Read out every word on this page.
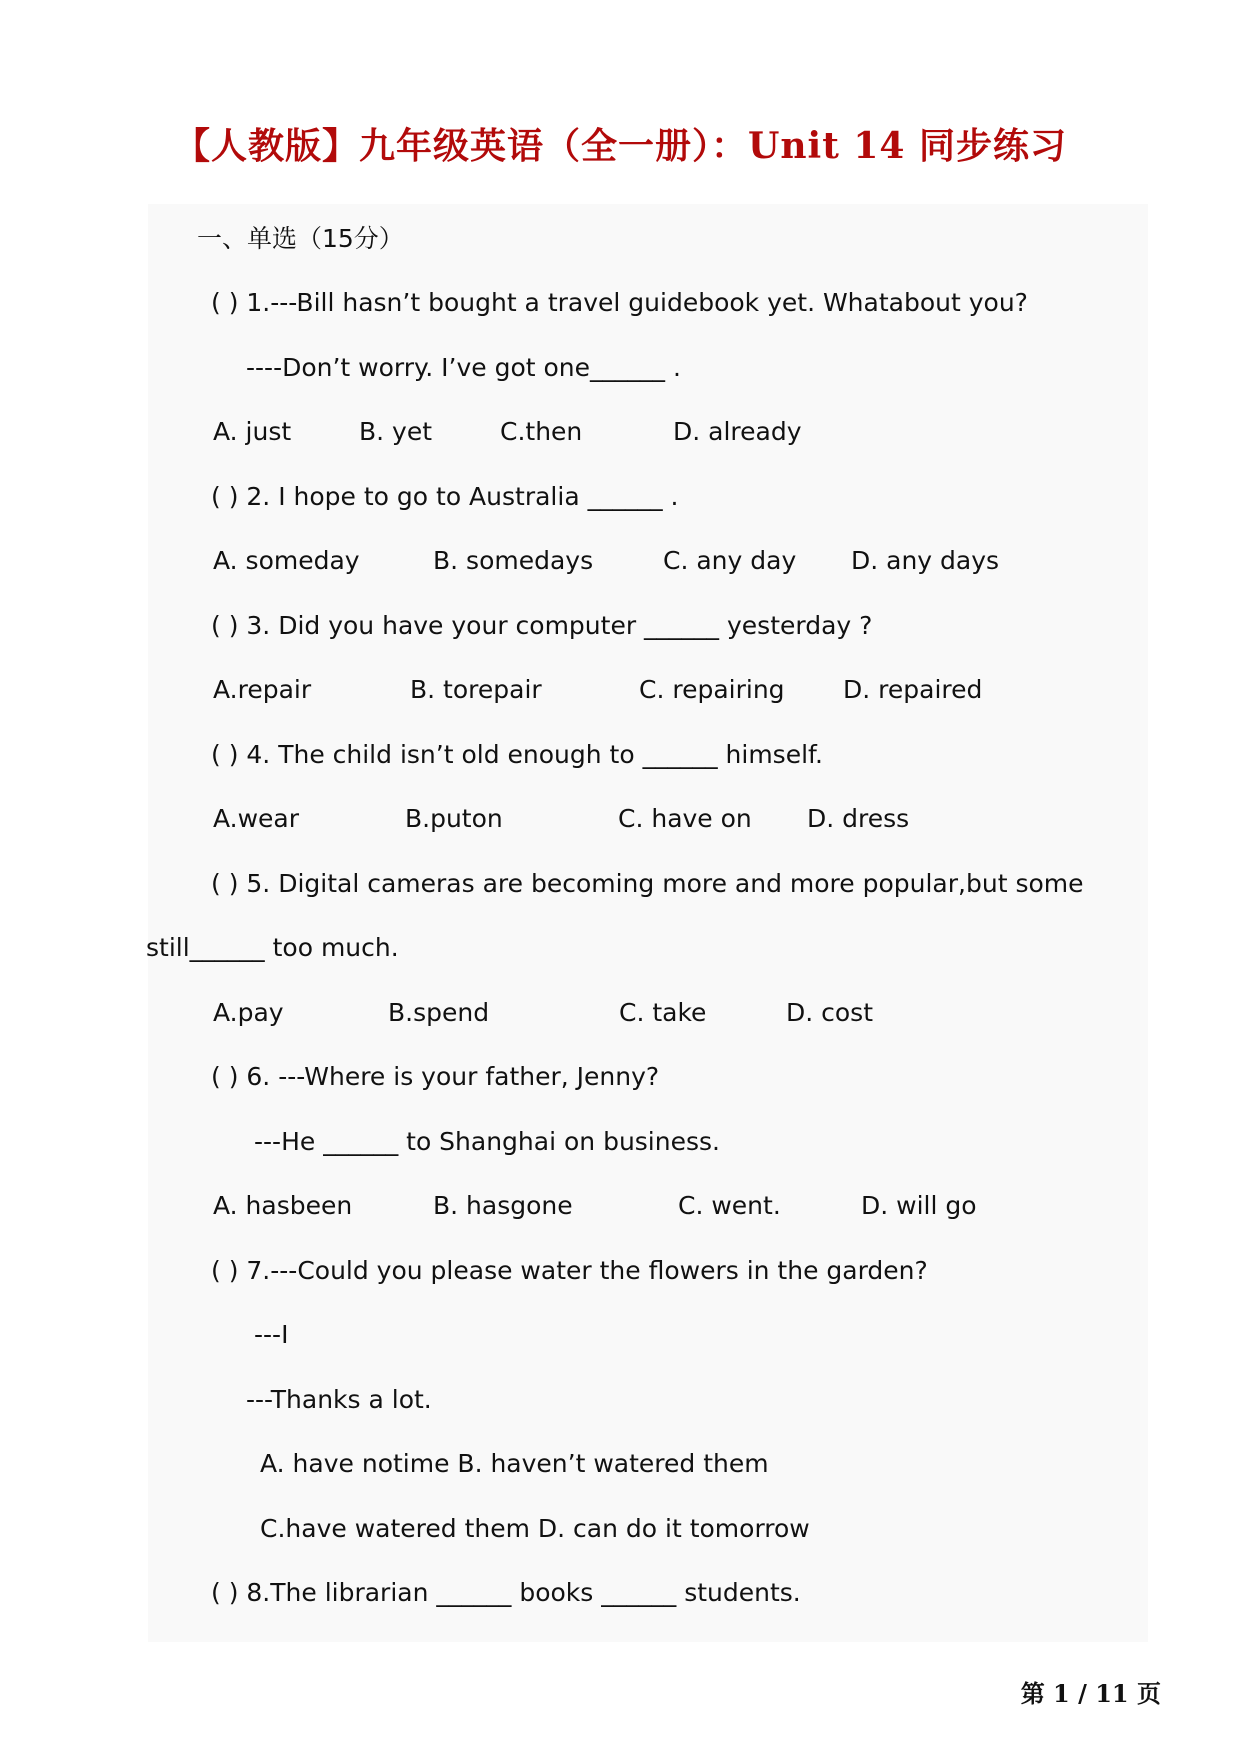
【人教版】九年级英语（全一册）：Unit 14 同步练习
一、单选（15分）
( ) 1.---Bill hasn’t bought a travel guidebook yet. Whatabout you?
----Don’t worry. I’ve got one______ .
A. just	B. yet	C.then	D. already
( ) 2. I hope to go to Australia ______ .
A. someday	B. somedays	C. any day D. any days
( ) 3. Did you have your computer ______ yesterday ?
A.repair	B. torepair	C. repairing D. repaired
( ) 4. The child isn’t old enough to ______ himself.
A.wear	B.puton	C. have on D. dress
( ) 5. Digital cameras are becoming more and more popular,but some
still______ too much.
A.pay	B.spend	C. take	D. cost
( ) 6. ---Where is your father, Jenny?
---He ______ to Shanghai on business.
A. hasbeen	B. hasgone	C. went.	D. will go
( ) 7.---Could you please water the flowers in the garden?
---I
---Thanks a lot.
A. have notime B. haven’t watered them
C.have watered them D. can do it tomorrow
( ) 8.The librarian ______ books ______ students.
第 1 / 11 页
